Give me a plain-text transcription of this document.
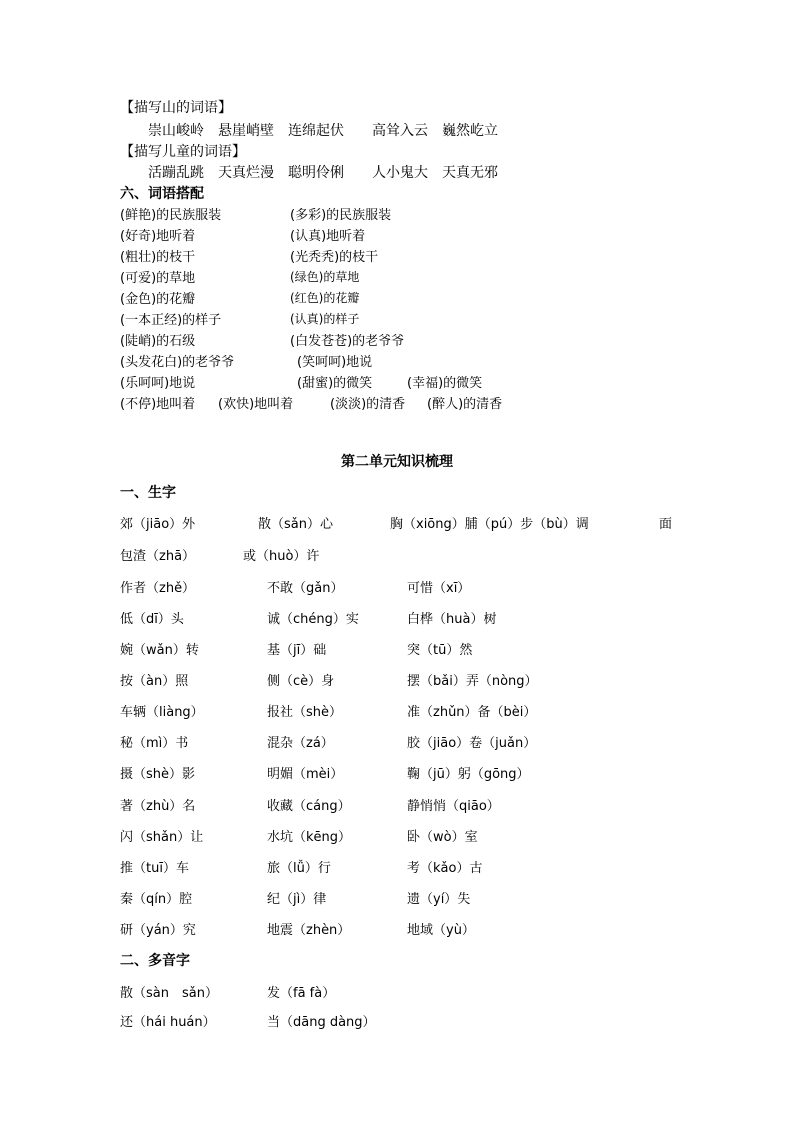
【描写山的词语】
崇山峻岭 悬崖峭壁 连绵起伏 高耸入云 巍然屹立
【描写儿童的词语】
活蹦乱跳 天真烂漫 聪明伶俐 人小鬼大 天真无邪
六、词语搭配
(鲜艳)的民族服装	(多彩)的民族服装
(好奇)地听着	(认真)地听着
(粗壮)的枝干	(光秃秃)的枝干
(可爱)的草地	(绿色)的草地
(金色)的花瓣	(红色)的花瓣
(一本正经)的样子	(认真)的样子
(陡峭)的石级	(白发苍苍)的老爷爷
(头发花白)的老爷爷	(笑呵呵)地说
(乐呵呵)地说	(甜蜜)的微笑	(幸福)的微笑
(不停)地叫着 (欢快)地叫着	(淡淡)的清香 (醉人)的清香
第二单元知识梳理
一、生字
郊（jiāo）外	散（sǎn）心	胸（xiōng）脯（pú）步（bù）调	面
包渣（zhā）	或（huò）许
作者（zhě）	不敢（gǎn）	可惜（xī）
低（dī）头	诚（chéng）实	白桦（huà）树
婉（wǎn）转	基（jī）础	突（tū）然
按（àn）照	侧（cè）身	摆（bǎi）弄（nòng）
车辆（liàng）	报社（shè）	准（zhǔn）备（bèi）
秘（mì）书	混杂（zá）	胶（jiāo）卷（juǎn）
摄（shè）影	明媚（mèi）	鞠（jū）躬（gōng）
著（zhù）名	收藏（cáng）	静悄悄（qiāo）
闪（shǎn）让	水坑（kēng）	卧（wò）室
推（tuī）车	旅（lǚ）行	考（kǎo）古
秦（qín）腔	纪（jì）律	遗（yí）失
研（yán）究	地震（zhèn）	地域（yù）
二、多音字
散（sàn　sǎn）	发（fā fà）
还（hái huán）	当（dāng dàng）
